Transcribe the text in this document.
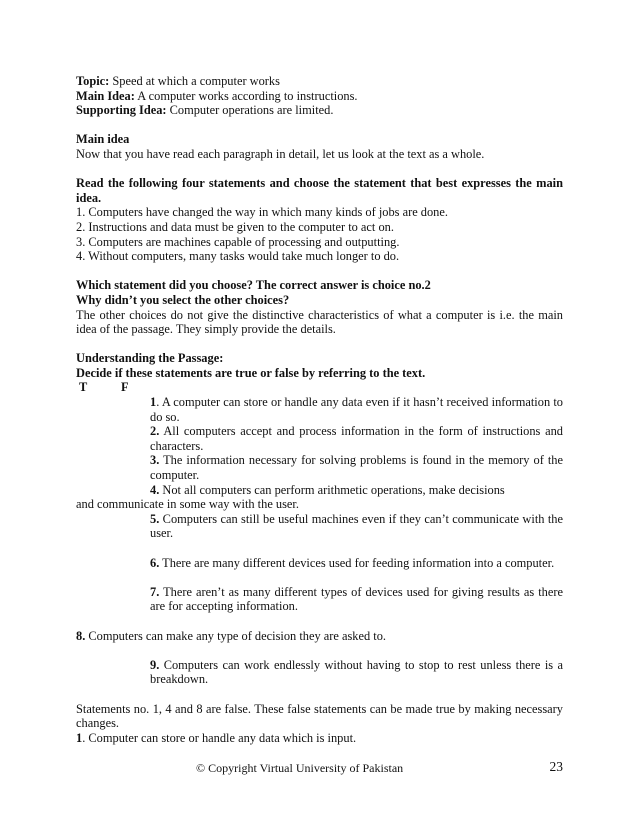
Topic: Speed at which a computer works

Main Idea: A computer works according to instructions.

Supporting Idea: Computer operations are limited.

Main idea

Now that you have read each paragraph in detail, let us look at the text as a whole.

Read the following four statements and choose the statement that best expresses the main idea.

1. Computers have changed the way in which many kinds of jobs are done.

2. Instructions and data must be given to the computer to act on.

3. Computers are machines capable of processing and outputting.

4. Without computers, many tasks would take much longer to do.

Which statement did you choose? The correct answer is choice no.2

Why didn’t you select the other choices?

The other choices do not give the distinctive characteristics of what a computer is i.e. the main idea of the passage. They simply provide the details.

Understanding the Passage:

Decide if these statements are true or false by referring to the text.

T	F

1. A computer can store or handle any data even if it hasn’t received information to do so.

2. All computers accept and process information in the form of instructions and characters.

3. The information necessary for solving problems is found in the memory of the computer.

4. Not all computers can perform arithmetic operations, make decisions

and communicate in some way with the user.

5. Computers can still be useful machines even if they can’t communicate with the user.

6. There are many different devices used for feeding information into a computer.

7. There aren’t as many different types of devices used for giving results as there are for accepting information.

8. Computers can make any type of decision they are asked to.

9. Computers can work endlessly without having to stop to rest unless there is a breakdown.

Statements no. 1, 4 and 8 are false. These false statements can be made true by making necessary changes.

1. Computer can store or handle any data which is input.

© Copyright Virtual University of Pakistan	23
